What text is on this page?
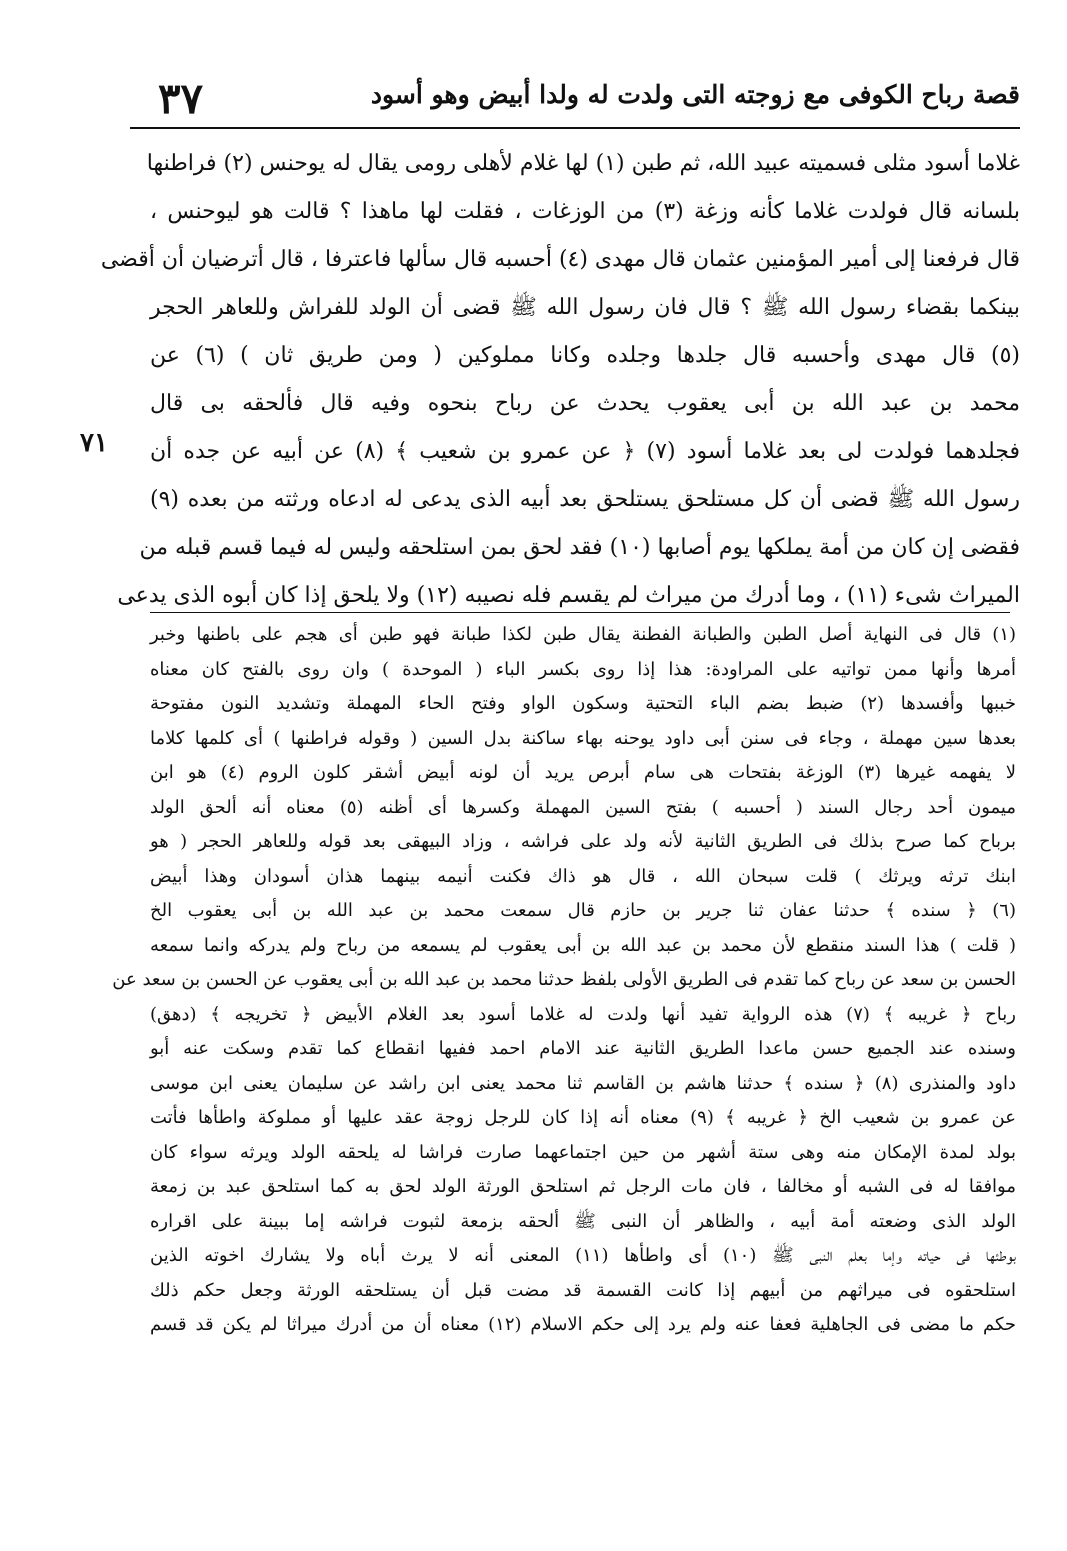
٣٧	قصة رباح الكوفى مع زوجته التى ولدت له ولدا أبيض وهو أسود
٧١
غلاما أسود مثلى فسميته عبيد الله، ثم طبن (١) لها غلام لأهلى رومى يقال له يوحنس (٢) فراطنها
بلسانه قال فولدت غلاما كأنه وزغة (٣) من الوزغات ، فقلت لها ماهذا ؟ قالت هو ليوحنس ،
قال فرفعنا إلى أمير المؤمنين عثمان قال مهدى (٤) أحسبه قال سألها فاعترفا ، قال أترضيان أن أقضى
بينكما بقضاء رسول الله ﷺ ؟ قال فان رسول الله ﷺ قضى أن الولد للفراش وللعاهر الحجر
(٥) قال مهدى وأحسبه قال جلدها وجلده وكانا مملوكين ( ومن طريق ثان ) (٦) عن
محمد بن عبد الله بن أبى يعقوب يحدث عن رباح بنحوه وفيه قال فألحقه بى قال
فجلدهما فولدت لى بعد غلاما أسود (٧) ﴿ عن عمرو بن شعيب ﴾ (٨) عن أبيه عن جده أن
رسول الله ﷺ قضى أن كل مستلحق يستلحق بعد أبيه الذى يدعى له ادعاه ورثته من بعده (٩)
فقضى إن كان من أمة يملكها يوم أصابها (١٠) فقد لحق بمن استلحقه وليس له فيما قسم قبله من
الميراث شىء (١١) ، وما أدرك من ميراث لم يقسم فله نصيبه (١٢) ولا يلحق إذا كان أبوه الذى يدعى
(١) قال فى النهاية أصل الطبن والطبانة الفطنة يقال طبن لكذا طبانة فهو طبن أى هجم على باطنها وخبر
أمرها وأنها ممن تواتيه على المراودة: هذا إذا روى بكسر الباء ( الموحدة ) وان روى بالفتح كان معناه
خببها وأفسدها (٢) ضبط بضم الباء التحتية وسكون الواو وفتح الحاء المهملة وتشديد النون مفتوحة
بعدها سين مهملة ، وجاء فى سنن أبى داود يوحنه بهاء ساكنة بدل السين ( وقوله فراطنها ) أى كلمها كلاما
لا يفهمه غيرها (٣) الوزغة بفتحات هى سام أبرص يريد أن لونه أبيض أشقر كلون الروم (٤) هو ابن
ميمون أحد رجال السند ( أحسبه ) بفتح السين المهملة وكسرها أى أظنه (٥) معناه أنه ألحق الولد
برباح كما صرح بذلك فى الطريق الثانية لأنه ولد على فراشه ، وزاد البيهقى بعد قوله وللعاهر الحجر ( هو
ابنك ترثه ويرثك ) قلت سبحان الله ، قال هو ذاك فكنت أنيمه بينهما هذان أسودان وهذا أبيض
(٦) ﴿ سنده ﴾ حدثنا عفان ثنا جرير بن حازم قال سمعت محمد بن عبد الله بن أبى يعقوب الخ
( قلت ) هذا السند منقطع لأن محمد بن عبد الله بن أبى يعقوب لم يسمعه من رباح ولم يدركه وانما سمعه
الحسن بن سعد عن رباح كما تقدم فى الطريق الأولى بلفظ حدثنا محمد بن عبد الله بن أبى يعقوب عن الحسن بن سعد عن
رباح ﴿ غريبه ﴾ (٧) هذه الرواية تفيد أنها ولدت له غلاما أسود بعد الغلام الأبيض ﴿ تخريجه ﴾ (دهق)
وسنده عند الجميع حسن ماعدا الطريق الثانية عند الامام احمد ففيها انقطاع كما تقدم وسكت عنه أبو
داود والمنذرى (٨) ﴿ سنده ﴾ حدثنا هاشم بن القاسم ثنا محمد يعنى ابن راشد عن سليمان يعنى ابن موسى
عن عمرو بن شعيب الخ ﴿ غريبه ﴾ (٩) معناه أنه إذا كان للرجل زوجة عقد عليها أو مملوكة واطأها فأتت
بولد لمدة الإمكان منه وهى ستة أشهر من حين اجتماعهما صارت فراشا له يلحقه الولد ويرثه سواء كان
موافقا له فى الشبه أو مخالفا ، فان مات الرجل ثم استلحق الورثة الولد لحق به كما استلحق عبد بن زمعة
الولد الذى وضعته أمة أبيه ، والظاهر أن النبى ﷺ ألحقه بزمعة لثبوت فراشه إما ببينة على اقراره
بوطئها فى حياته وإما بعلم النبى ﷺ (١٠) أى واطأها (١١) المعنى أنه لا يرث أباه ولا يشارك اخوته الذين
استلحقوه فى ميراثهم من أبيهم إذا كانت القسمة قد مضت قبل أن يستلحقه الورثة وجعل حكم ذلك
حكم ما مضى فى الجاهلية فعفا عنه ولم يرد إلى حكم الاسلام (١٢) معناه أن من أدرك ميراثا لم يكن قد قسم
